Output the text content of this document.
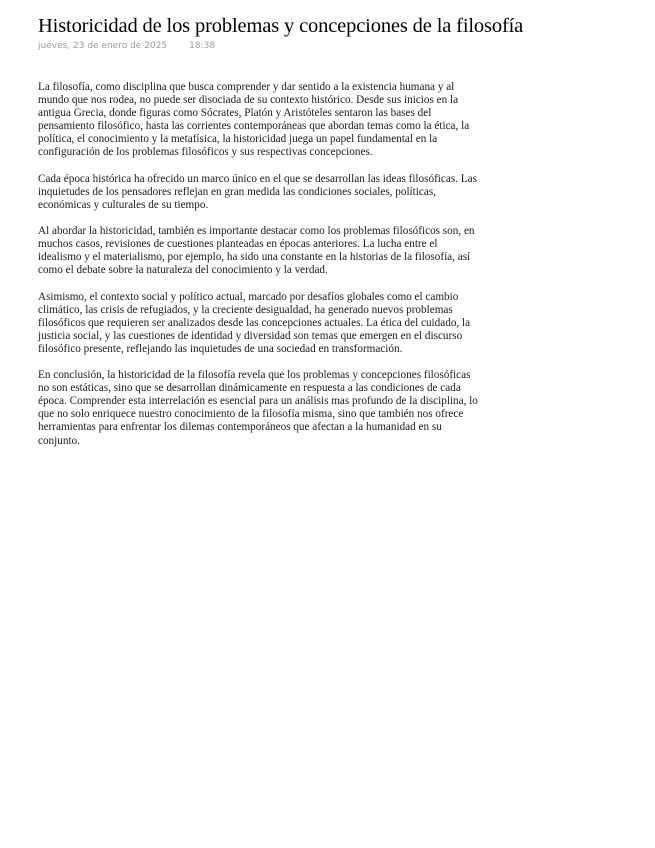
Historicidad de los problemas y concepciones de la filosofía
jueves, 23 de enero de 2025 18:38

La filosofía, como disciplina que busca comprender y dar sentido a la existencia humana y al mundo que nos rodea, no puede ser disociada de su contexto histórico. Desde sus inicios en la antigua Grecia, donde figuras como Sócrates, Platón y Aristóteles sentaron las bases del pensamiento filosófico, hasta las corrientes contemporáneas que abordan temas como la ética, la política, el conocimiento y la metafísica, la historicidad juega un papel fundamental en la configuración de los problemas filosóficos y sus respectivas concepciones.

Cada época histórica ha ofrecido un marco único en el que se desarrollan las ideas filosóficas. Las inquietudes de los pensadores reflejan en gran medida las condiciones sociales, políticas, económicas y culturales de su tiempo.

Al abordar la historicidad, también es importante destacar como los problemas filosóficos son, en muchos casos, revisiones de cuestiones planteadas en épocas anteriores. La lucha entre el idealismo y el materialismo, por ejemplo, ha sido una constante en la historias de la filosofía, así como el debate sobre la naturaleza del conocimiento y la verdad.

Asimismo, el contexto social y político actual, marcado por desafíos globales como el cambio climático, las crisis de refugiados, y la creciente desigualdad, ha generado nuevos problemas filosóficos que requieren ser analizados desde las concepciones actuales. La ética del cuidado, la justicia social, y las cuestiones de identidad y diversidad son temas que emergen en el discurso filosófico presente, reflejando las inquietudes de una sociedad en transformación.

En conclusión, la historicidad de la filosofía revela que los problemas y concepciones filosóficas no son estáticas, sino que se desarrollan dinámicamente en respuesta a las condiciones de cada época. Comprender esta interrelación es esencial para un análisis mas profundo de la disciplina, lo que no solo enriquece nuestro conocimiento de la filosofía misma, sino que también nos ofrece herramientas para enfrentar los dilemas contemporáneos que afectan a la humanidad en su conjunto.
